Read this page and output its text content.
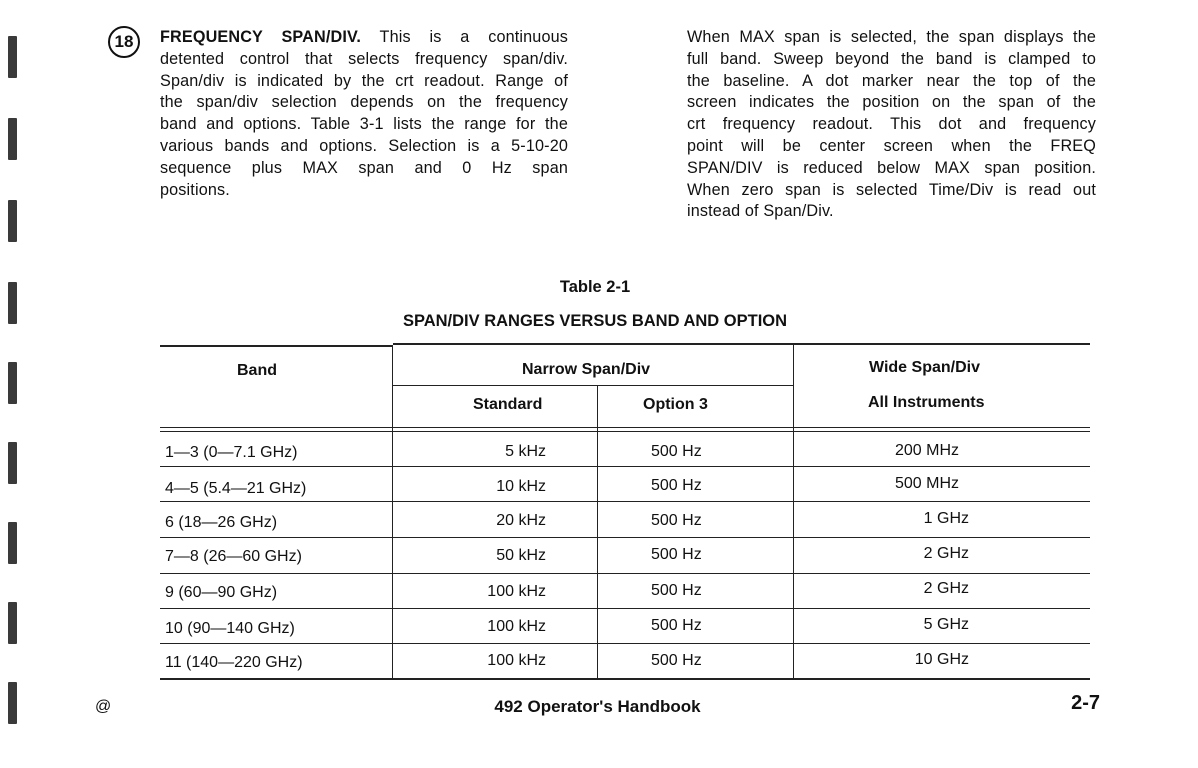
18	FREQUENCY SPAN/DIV. This is a continuous
detented control that selects frequency span/div.
Span/div is indicated by the crt readout. Range of
the span/div selection depends on the frequency
band and options. Table 3-1 lists the range for the
various bands and options. Selection is a 5-10-20
sequence plus MAX span and 0 Hz span
positions.
When MAX span is selected, the span displays the
full band. Sweep beyond the band is clamped to
the baseline. A dot marker near the top of the
screen indicates the position on the span of the
crt frequency readout. This dot and frequency
point will be center screen when the FREQ
SPAN/DIV is reduced below MAX span position.
When zero span is selected Time/Div is read out
instead of Span/Div.
Table 2-1
SPAN/DIV RANGES VERSUS BAND AND OPTION
Band	Narrow Span/Div
Standard	Option 3
Wide Span/Div
All Instruments
1—3 (0—7.1 GHz)	5 kHz	500 Hz	200 MHz
4—5 (5.4—21 GHz)	10 kHz	500 Hz	500 MHz
6 (18—26 GHz)	20 kHz	500 Hz	1 GHz
7—8 (26—60 GHz)	50 kHz	500 Hz	2 GHz
9 (60—90 GHz)	100 kHz	500 Hz	2 GHz
10 (90—140 GHz)	100 kHz	500 Hz	5 GHz
11 (140—220 GHz)	100 kHz	500 Hz	10 GHz
@	492 Operator's Handbook	2-7
